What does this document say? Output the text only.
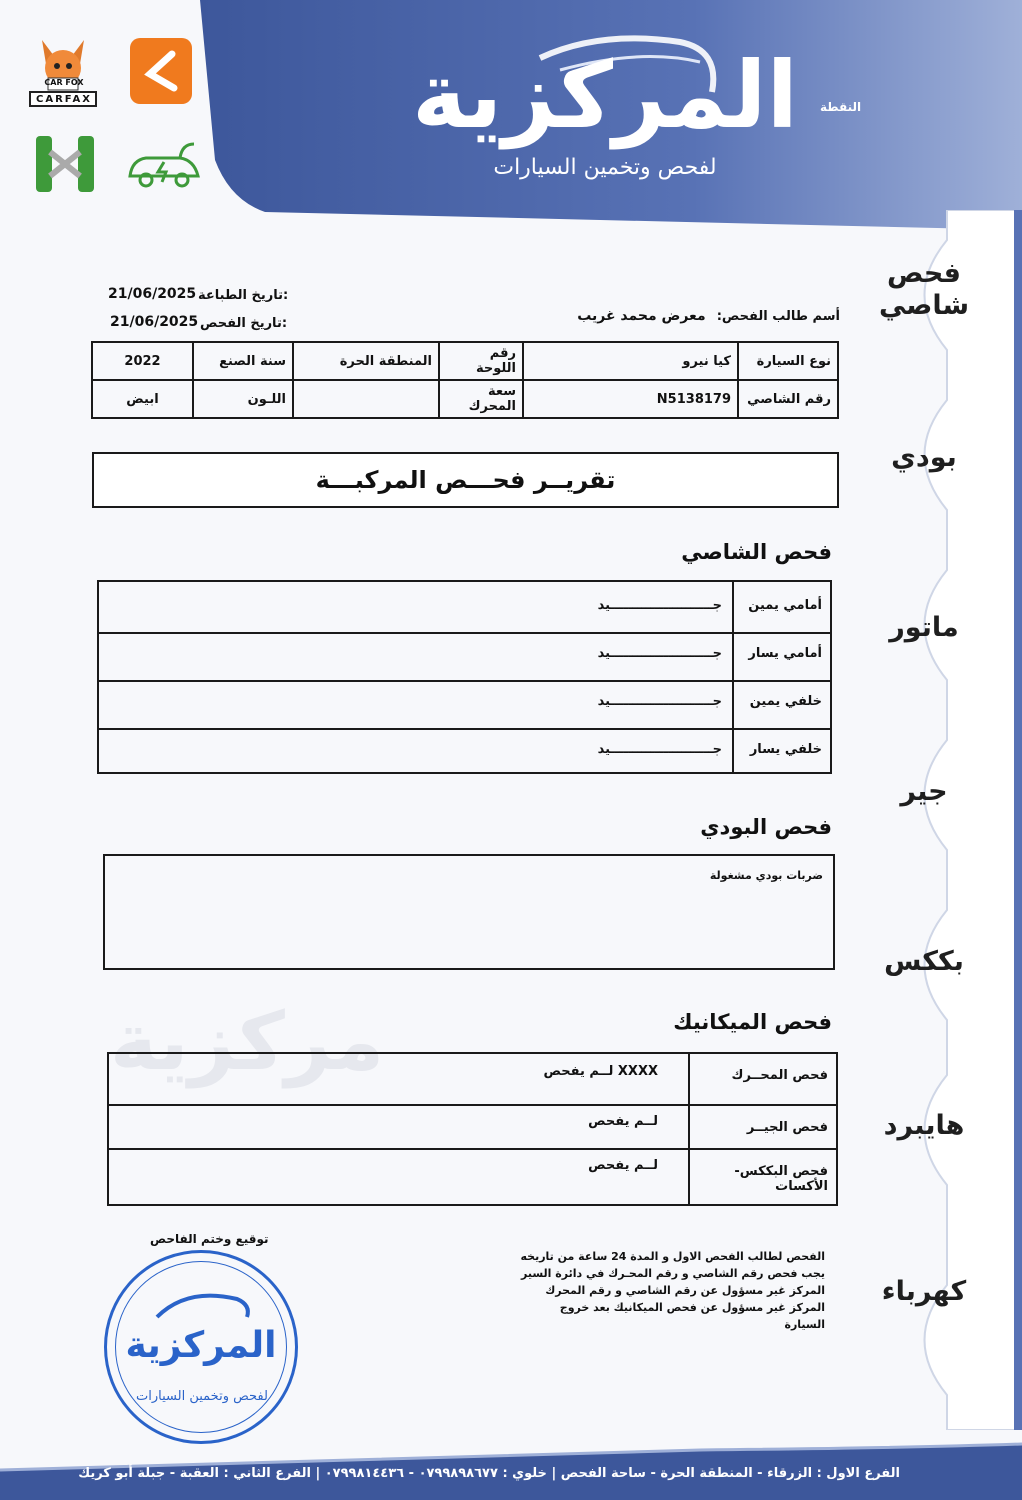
المركزية	النقطة
لفحص وتخمين السيارات
CAR FOX
CARFAX
فحص شاصي
بودي
ماتور
جير
بككس
هايبرد
كهرباء
تاريخ الطباعة:
21/06/2025
تاريخ الفحص:
21/06/2025	أسم طالب الفحص: معرض محمد غريب
نوع السيارة	كيا نيرو	رقم اللوحة	المنطقة الحرة	سنة الصنع	2022
رقم الشاصي	N5138179	سعة المحرك		اللـون	ابيض
تقريــر فحـــص المركبـــة
فحص الشاصي
أمامي يمين	جـــــــــــــــــــــــيد
أمامي يسار	جـــــــــــــــــــــــيد
خلفي يمين	جـــــــــــــــــــــــيد
خلفي يسار	جـــــــــــــــــــــــيد
فحص البودي
ضربات بودي مشغولة
مركزية	فحص الميكانيك
فحص المحــرك	XXXX لــم يفحص
فحص الجيــر	لــم يفحص
فحص البككس-الأكسات	لــم يفحص
توقيع وختم الفاحص
المركزية
لفحص وتخمين السيارات
الفحص لطالب الفحص الاول و المدة 24 ساعة من تاريخه
يجب فحص رقم الشاصي و رقم المحـرك في دائرة السير
المركز غير مسؤول عن رقم الشاصي و رقم المحرك
المركز غير مسؤول عن فحص الميكانيك بعد خروج السيارة
الفرع الاول : الزرقاء - المنطقة الحرة - ساحة الفحص | خلوي : ٠٧٩٩٨٩٨٦٧٧ - ٠٧٩٩٨١٤٤٣٦ | الفرع الثاني : العقبة - جبلة أبو كريك
